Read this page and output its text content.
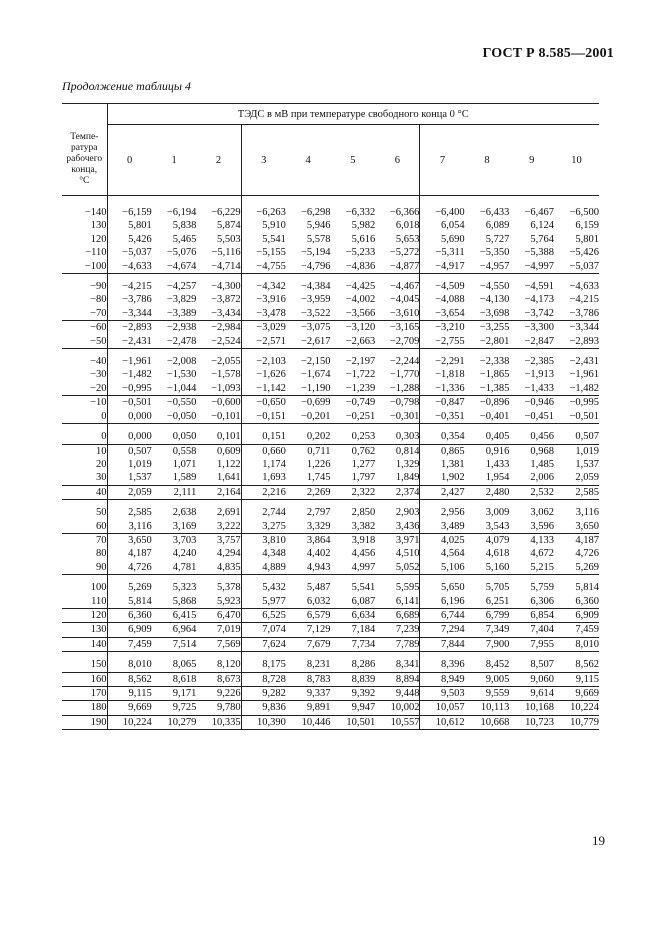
ГОСТ Р 8.585—2001
Продолжение таблицы 4
	ТЭДС в мВ при температуре свободного конца 0 °С										
Темпе-
ратура
рабочего
конца,
°С	0	1	2	3	4	5	6	7	8	9	10

−140	−6,159	−6,194	−6,229	−6,263	−6,298	−6,332	−6,366	−6,400	−6,433	−6,467	−6,500
130	5,801	5,838	5,874	5,910	5,946	5,982	6,018	6,054	6,089	6,124	6,159
120	5,426	5,465	5,503	5,541	5,578	5,616	5,653	5,690	5,727	5,764	5,801
−110	−5,037	−5,076	−5,116	−5,155	−5,194	−5,233	−5,272	−5,311	−5,350	−5,388	−5,426
−100	−4,633	−4,674	−4,714	−4,755	−4,796	−4,836	−4,877	−4,917	−4,957	−4,997	−5,037

−90	−4,215	−4,257	−4,300	−4,342	−4,384	−4,425	−4,467	−4,509	−4,550	−4,591	−4,633
−80	−3,786	−3,829	−3,872	−3,916	−3,959	−4,002	−4,045	−4,088	−4,130	−4,173	−4,215
−70	−3,344	−3,389	−3,434	−3,478	−3,522	−3,566	−3,610	−3,654	−3,698	−3,742	−3,786
−60	−2,893	−2,938	−2,984	−3,029	−3,075	−3,120	−3,165	−3,210	−3,255	−3,300	−3,344
−50	−2,431	−2,478	−2,524	−2,571	−2,617	−2,663	−2,709	−2,755	−2,801	−2,847	−2,893

−40	−1,961	−2,008	−2,055	−2,103	−2,150	−2,197	−2,244	−2,291	−2,338	−2,385	−2,431
−30	−1,482	−1,530	−1,578	−1,626	−1,674	−1,722	−1,770	−1,818	−1,865	−1,913	−1,961
−20	−0,995	−1,044	−1,093	−1,142	−1,190	−1,239	−1,288	−1,336	−1,385	−1,433	−1,482
−10	−0,501	−0,550	−0,600	−0,650	−0,699	−0,749	−0,798	−0,847	−0,896	−0,946	−0,995
0	0,000	−0,050	−0,101	−0,151	−0,201	−0,251	−0,301	−0,351	−0,401	−0,451	−0,501

0	0,000	0,050	0,101	0,151	0,202	0,253	0,303	0,354	0,405	0,456	0,507
10	0,507	0,558	0,609	0,660	0,711	0,762	0,814	0,865	0,916	0,968	1,019
20	1,019	1,071	1,122	1,174	1,226	1,277	1,329	1,381	1,433	1,485	1,537
30	1,537	1,589	1,641	1,693	1,745	1,797	1,849	1,902	1,954	2,006	2,059
40	2,059	2,111	2,164	2,216	2,269	2,322	2,374	2,427	2,480	2,532	2,585

50	2,585	2,638	2,691	2,744	2,797	2,850	2,903	2,956	3,009	3,062	3,116
60	3,116	3,169	3,222	3,275	3,329	3,382	3,436	3,489	3,543	3,596	3,650
70	3,650	3,703	3,757	3,810	3,864	3,918	3,971	4,025	4,079	4,133	4,187
80	4,187	4,240	4,294	4,348	4,402	4,456	4,510	4,564	4,618	4,672	4,726
90	4,726	4,781	4,835	4,889	4,943	4,997	5,052	5,106	5,160	5,215	5,269

100	5,269	5,323	5,378	5,432	5,487	5,541	5,595	5,650	5,705	5,759	5,814
110	5,814	5,868	5,923	5,977	6,032	6,087	6,141	6,196	6,251	6,306	6,360
120	6,360	6,415	6,470	6,525	6,579	6,634	6,689	6,744	6,799	6,854	6,909
130	6,909	6,964	7,019	7,074	7,129	7,184	7,239	7,294	7,349	7,404	7,459
140	7,459	7,514	7,569	7,624	7,679	7,734	7,789	7,844	7,900	7,955	8,010

150	8,010	8,065	8,120	8,175	8,231	8,286	8,341	8,396	8,452	8,507	8,562
160	8,562	8,618	8,673	8,728	8,783	8,839	8,894	8,949	9,005	9,060	9,115
170	9,115	9,171	9,226	9,282	9,337	9,392	9,448	9,503	9,559	9,614	9,669
180	9,669	9,725	9,780	9,836	9,891	9,947	10,002	10,057	10,113	10,168	10,224
190	10,224	10,279	10,335	10,390	10,446	10,501	10,557	10,612	10,668	10,723	10,779
19
